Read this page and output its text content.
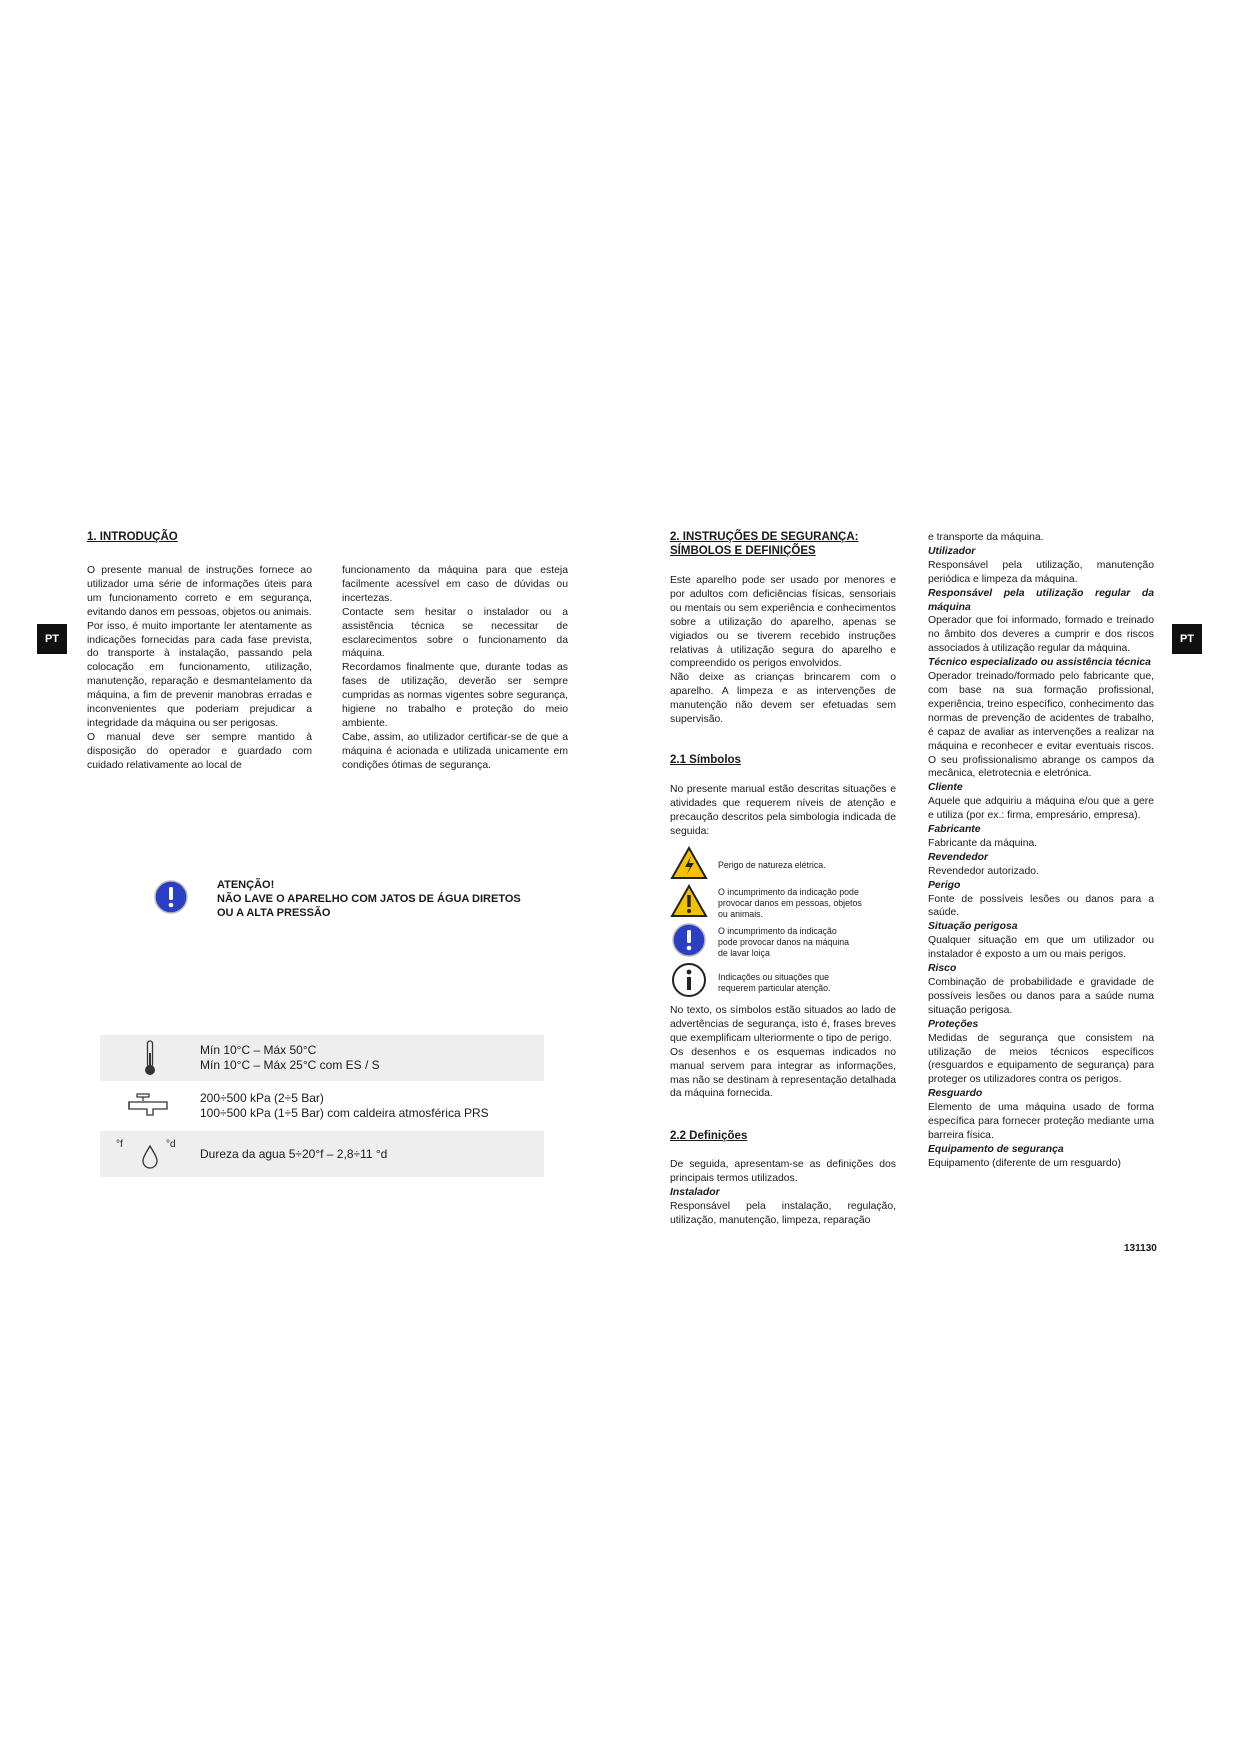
PT	PT
1. INTRODUÇÃO

O presente manual de instruções fornece ao utilizador uma série de informações úteis para um funcionamento correto e em segurança, evitando danos em pessoas, objetos ou animais.
Por isso, é muito importante ler atentamente as indicações fornecidas para cada fase prevista, do transporte à instalação, passando pela colocação em funcionamento, utilização, manutenção, reparação e desmantelamento da máquina, a fim de prevenir manobras erradas e inconvenientes que poderiam prejudicar a integridade da máquina ou ser perigosas.
O manual deve ser sempre mantido à disposição do operador e guardado com cuidado relativamente ao local de

funcionamento da máquina para que esteja facilmente acessível em caso de dúvidas ou incertezas.
Contacte sem hesitar o instalador ou a assistência técnica se necessitar de esclarecimentos sobre o funcionamento da máquina.
Recordamos finalmente que, durante todas as fases de utilização, deverão ser sempre cumpridas as normas vigentes sobre segurança, higiene no trabalho e proteção do meio ambiente.
Cabe, assim, ao utilizador certificar-se de que a máquina é acionada e utilizada unicamente em condições ótimas de segurança.

ATENÇÃO!
NÃO LAVE O APARELHO COM JATOS DE ÁGUA DIRETOS
OU A ALTA PRESSÃO
Mín 10°C – Máx 50°C
Mín 10°C – Máx 25°C com ES / S
200÷500 kPa (2÷5 Bar)
100÷500 kPa (1÷5 Bar) com caldeira atmosférica PRS
°f	°d
Dureza da agua 5÷20°f – 2,8÷11 °d
2. INSTRUÇÕES DE SEGURANÇA:
SÍMBOLOS E DEFINIÇÕES

Este aparelho pode ser usado por menores e por adultos com deficiências físicas, sensoriais ou mentais ou sem experiência e conhecimentos sobre a utilização do aparelho, apenas se vigiados ou se tiverem recebido instruções relativas à utilização segura do aparelho e compreendido os perigos envolvidos.
Não deixe as crianças brincarem com o aparelho. A limpeza e as intervenções de manutenção não devem ser efetuadas sem supervisão.

2.1 Símbolos

No presente manual estão descritas situações e atividades que requerem níveis de atenção e precaução descritos pela simbologia indicada de seguida:

Perigo de natureza elétrica.
O incumprimento da indicação pode
provocar danos em pessoas, objetos
ou animais.
O incumprimento da indicação
pode provocar danos na máquina
de lavar loiça
Indicações ou situações que
requerem particular atenção.

No texto, os símbolos estão situados ao lado de advertências de segurança, isto é, frases breves que exemplificam ulteriormente o tipo de perigo.
Os desenhos e os esquemas indicados no manual servem para integrar as informações, mas não se destinam à representação detalhada da máquina fornecida.

2.2 Definições

De seguida, apresentam-se as definições dos principais termos utilizados.

Instalador

Responsável pela instalação, regulação, utilização, manutenção, limpeza, reparação

e transporte da máquina.

Utilizador

Responsável pela utilização, manutenção periódica e limpeza da máquina.

Responsável pela utilização regular da máquina

Operador que foi informado, formado e treinado no âmbito dos deveres a cumprir e dos riscos associados à utilização regular da máquina.

Técnico especializado ou assistência técnica

Operador treinado/formado pelo fabricante que, com base na sua formação profissional, experiência, treino específico, conhecimento das normas de prevenção de acidentes de trabalho, é capaz de avaliar as intervenções a realizar na máquina e reconhecer e evitar eventuais riscos. O seu profissionalismo abrange os campos da mecânica, eletrotecnia e eletrónica.

Cliente

Aquele que adquiriu a máquina e/ou que a gere e utiliza (por ex.: firma, empresário, empresa).

Fabricante

Fabricante da máquina.

Revendedor

Revendedor autorizado.

Perigo

Fonte de possíveis lesões ou danos para a saúde.

Situação perigosa

Qualquer situação em que um utilizador ou instalador é exposto a um ou mais perigos.

Risco

Combinação de probabilidade e gravidade de possíveis lesões ou danos para a saúde numa situação perigosa.

Proteções

Medidas de segurança que consistem na utilização de meios técnicos específicos (resguardos e equipamento de segurança) para proteger os utilizadores contra os perigos.

Resguardo

Elemento de uma máquina usado de forma específica para fornecer proteção mediante uma barreira física.

Equipamento de segurança

Equipamento (diferente de um resguardo)

131130
